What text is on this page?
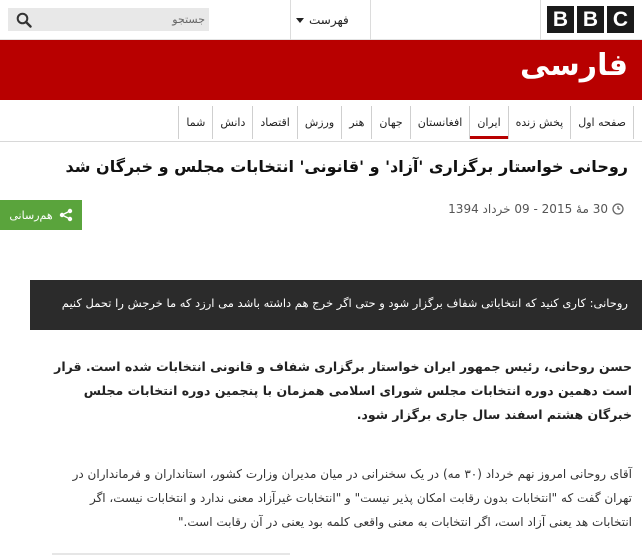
B B C
فهرست
جستجو
فارسی
صفحه اول
پخش زنده
ایران
افغانستان
جهان
هنر
ورزش
اقتصاد
دانش
شما
روحانی خواستار برگزاری 'آزاد' و 'قانونی' انتخابات مجلس و خبرگان شد
هم‌رسانی	30 مهٔ 2015 - 09 خرداد 1394
روحانی: کاری کنید که انتخاباتی شفاف برگزار شود و حتی اگر خرج هم داشته باشد می ارزد که ما خرجش را تحمل کنیم

حسن روحانی، رئیس جمهور ایران خواستار برگزاری شفاف و قانونی انتخابات شده است. قرار است دهمین دوره انتخابات مجلس شورای اسلامی همزمان با پنجمین دوره انتخابات مجلس خبرگان هشتم اسفند سال جاری برگزار شود.

آقای روحانی امروز نهم خرداد (۳۰ مه) در یک سخنرانی در میان مدیران وزارت کشور، استانداران و فرمانداران در تهران گفت که "انتخابات بدون رقابت امکان پذیر نیست" و "انتخابات غیرآزاد معنی ندارد و انتخابات نیست، اگر انتخابات هد یعنی آزاد است، اگر انتخابات به معنی واقعی کلمه بود یعنی در آن رقابت است."
